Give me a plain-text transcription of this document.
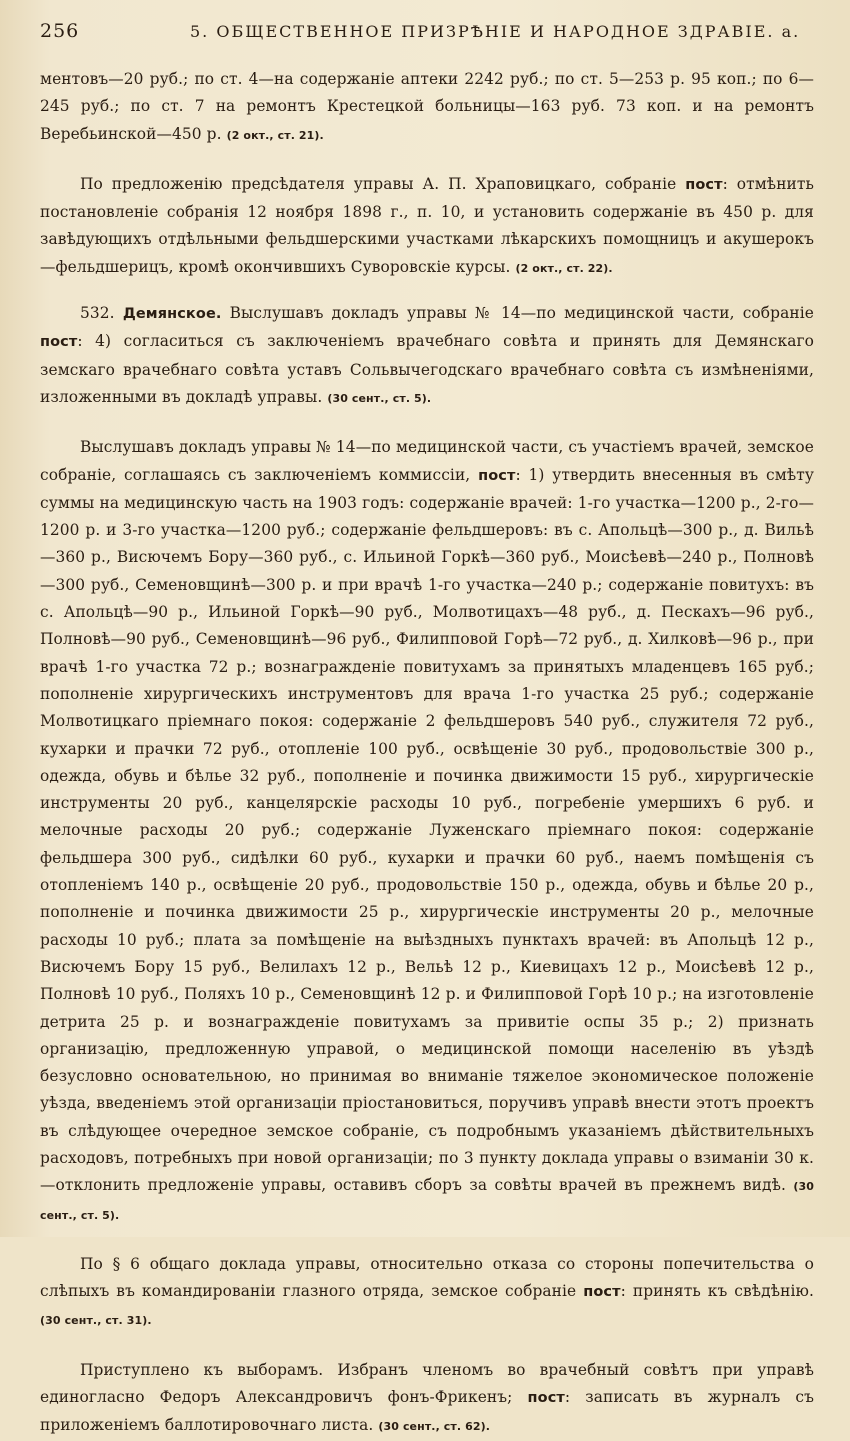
256	5. ОБЩЕСТВЕННОЕ ПРИЗРѢНIЕ И НАРОДНОЕ ЗДРАВIЕ. а.

ментовъ—20 руб.; по ст. 4—на содержанiе аптеки 2242 руб.; по ст. 5—253 р. 95 коп.; по 6—245 руб.; по ст. 7 на ремонтъ Крестецкой больницы—163 руб. 73 коп. и на ремонтъ Веребьинской—450 р. (2 окт., ст. 21).

По предложенiю предсѣдателя управы А. П. Храповицкаго, собранiе пост: отмѣнить постановленiе собранiя 12 ноября 1898 г., п. 10, и установить содержанiе въ 450 р. для завѣдующихъ отдѣльными фельдшерскими участками лѣкарскихъ помощницъ и акушерокъ—фельдшерицъ, кромѣ окончившихъ Суворовскiе курсы. (2 окт., ст. 22).

532. Демянское. Выслушавъ докладъ управы № 14—по медицинской части, собранiе пост: 4) согласиться съ заключенiемъ врачебнаго совѣта и принять для Демянскаго земскаго врачебнаго совѣта уставъ Сольвычегодскаго врачебнаго совѣта съ измѣненiями, изложенными въ докладѣ управы. (30 сент., ст. 5).

Выслушавъ докладъ управы № 14—по медицинской части, съ участiемъ врачей, земское собранiе, соглашаясь съ заключенiемъ коммиссiи, пост: 1) утвердить внесенныя въ смѣту суммы на медицинскую часть на 1903 годъ: содержанiе врачей: 1-го участка—1200 р., 2-го—1200 р. и 3-го участка—1200 руб.; содержанiе фельдшеровъ: въ с. Апольцѣ—300 р., д. Вильѣ—360 р., Висючемъ Бору—360 руб., с. Ильиной Горкѣ—360 руб., Моисѣевѣ—240 р., Полновѣ—300 руб., Семеновщинѣ—300 р. и при врачѣ 1-го участка—240 р.; содержанiе повитухъ: въ с. Апольцѣ—90 р., Ильиной Горкѣ—90 руб., Молвотицахъ—48 руб., д. Пескахъ—96 руб., Полновѣ—90 руб., Семеновщинѣ—96 руб., Филипповой Горѣ—72 руб., д. Хилковѣ—96 р., при врачѣ 1-го участка 72 р.; вознагражденiе повитухамъ за принятыхъ младенцевъ 165 руб.; пополненiе хирургическихъ инструментовъ для врача 1-го участка 25 руб.; содержанiе Молвотицкаго прiемнаго покоя: содержанiе 2 фельдшеровъ 540 руб., служителя 72 руб., кухарки и прачки 72 руб., отопленiе 100 руб., освѣщенiе 30 руб., продовольствiе 300 р., одежда, обувь и бѣлье 32 руб., пополненiе и починка движимости 15 руб., хирургическiе инструменты 20 руб., канцелярскiе расходы 10 руб., погребенiе умершихъ 6 руб. и мелочные расходы 20 руб.; содержанiе Луженскаго прiемнаго покоя: содержанiе фельдшера 300 руб., сидѣлки 60 руб., кухарки и прачки 60 руб., наемъ помѣщенiя съ отопленiемъ 140 р., освѣщенiе 20 руб., продовольствiе 150 р., одежда, обувь и бѣлье 20 р., пополненiе и починка движимости 25 р., хирургическiе инструменты 20 р., мелочные расходы 10 руб.; плата за помѣщенiе на выѣздныхъ пунктахъ врачей: въ Апольцѣ 12 р., Висючемъ Бору 15 руб., Велилахъ 12 р., Вельѣ 12 р., Киевицахъ 12 р., Моисѣевѣ 12 р., Полновѣ 10 руб., Поляхъ 10 р., Семеновщинѣ 12 р. и Филипповой Горѣ 10 р.; на изготовленiе детрита 25 р. и вознагражденiе повитухамъ за привитiе оспы 35 р.; 2) признать организацiю, предложенную управой, о медицинской помощи населенiю въ уѣздѣ безусловно основательною, но принимая во вниманiе тяжелое экономическое положенiе уѣзда, введенiемъ этой организацiи прiостановиться, поручивъ управѣ внести этотъ проектъ въ слѣдующее очередное земское собранiе, съ подробнымъ указанiемъ дѣйствительныхъ расходовъ, потребныхъ при новой организацiи; по 3 пункту доклада управы о взиманiи 30 к.—отклонить предложенiе управы, оставивъ сборъ за совѣты врачей въ прежнемъ видѣ. (30 сент., ст. 5).

По § 6 общаго доклада управы, относительно отказа со стороны попечительства о слѣпыхъ въ командированiи глазного отряда, земское собранiе пост: принять къ свѣдѣнiю. (30 сент., ст. 31).

Приступлено къ выборамъ. Избранъ членомъ во врачебный совѣтъ при управѣ единогласно Федоръ Александровичъ фонъ-Фрикенъ; пост: записать въ журналъ съ приложенiемъ баллотировочнаго листа. (30 сент., ст. 62).
